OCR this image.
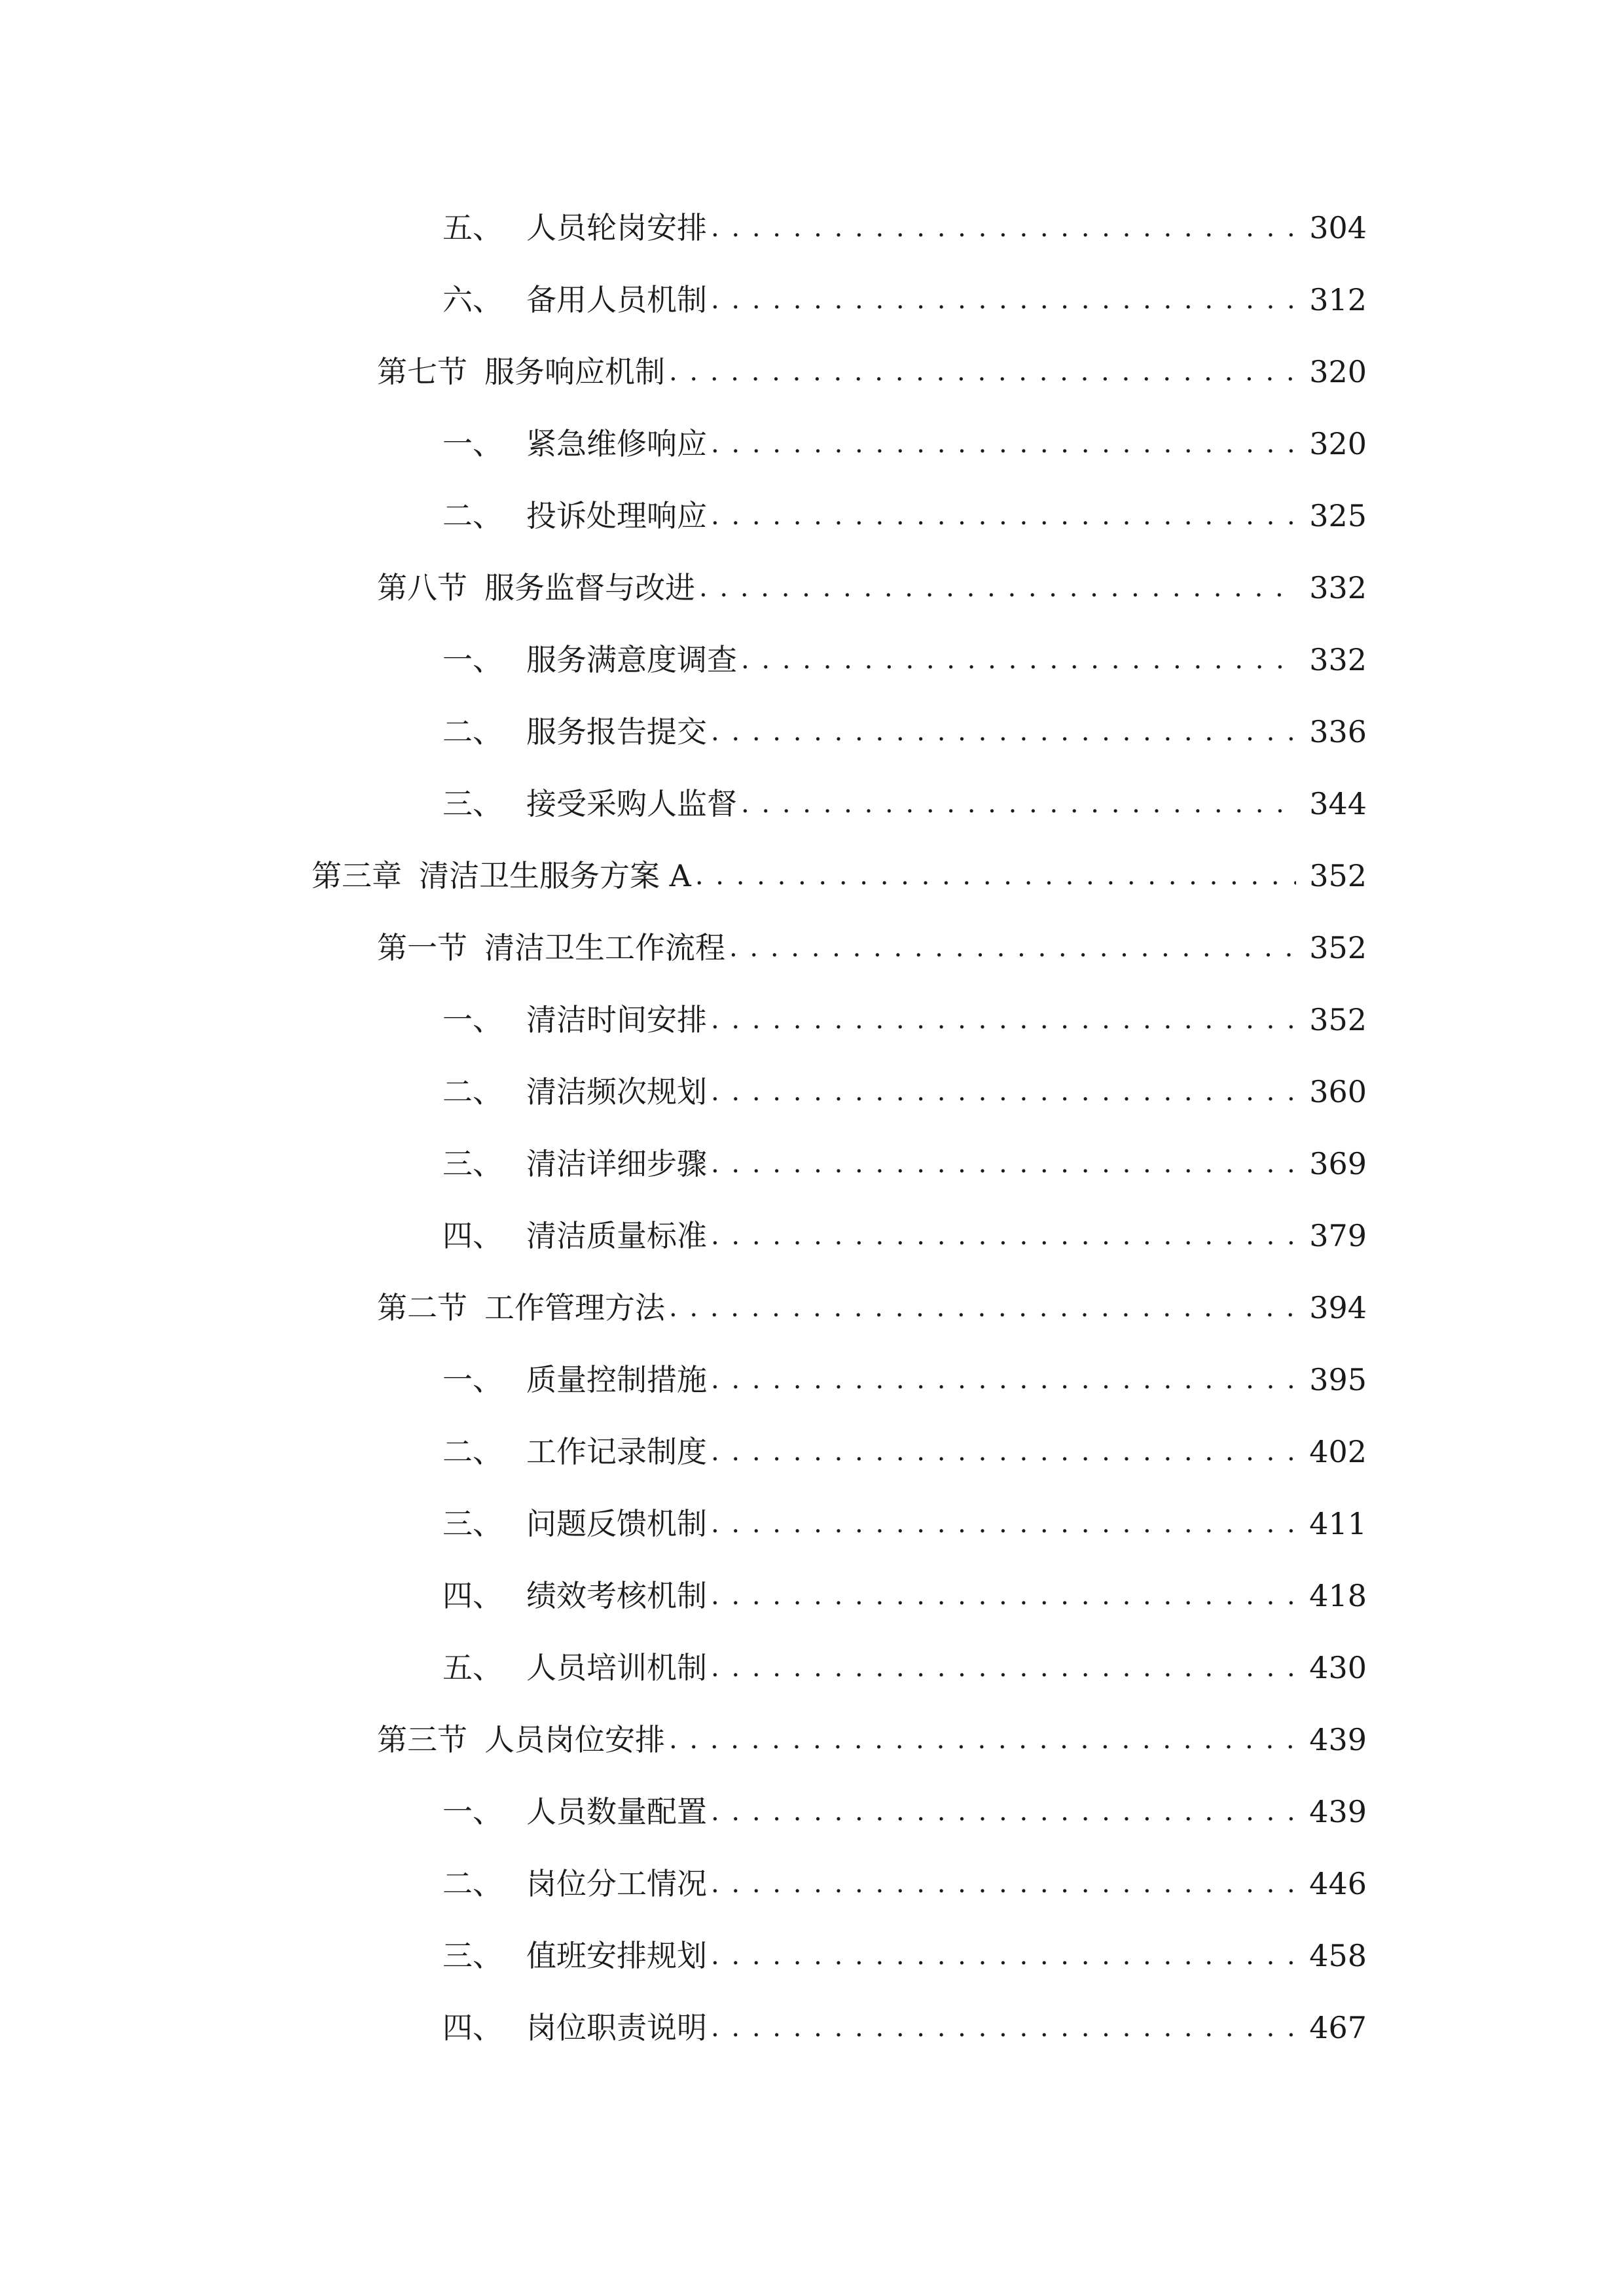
五、 人员轮岗安排 . . .	304
六、 备用人员机制 . . .	312
第七节 服务响应机制 . . .	320
一、 紧急维修响应 . . .	320
二、 投诉处理响应 . . .	325
第八节 服务监督与改进 . . .	332
一、 服务满意度调查 . . .	332
二、 服务报告提交 . . .	336
三、 接受采购人监督 . . .	344
第三章 清洁卫生服务方案 A . . .	352
第一节 清洁卫生工作流程 . . .	352
一、 清洁时间安排 . . .	352
二、 清洁频次规划 . . .	360
三、 清洁详细步骤 . . .	369
四、 清洁质量标准 . . .	379
第二节 工作管理方法 . . .	394
一、 质量控制措施 . . .	395
二、 工作记录制度 . . .	402
三、 问题反馈机制 . . .	411
四、 绩效考核机制 . . .	418
五、 人员培训机制 . . .	430
第三节 人员岗位安排 . . .	439
一、 人员数量配置 . . .	439
二、 岗位分工情况 . . .	446
三、 值班安排规划 . . .	458
四、 岗位职责说明 . . .	467
